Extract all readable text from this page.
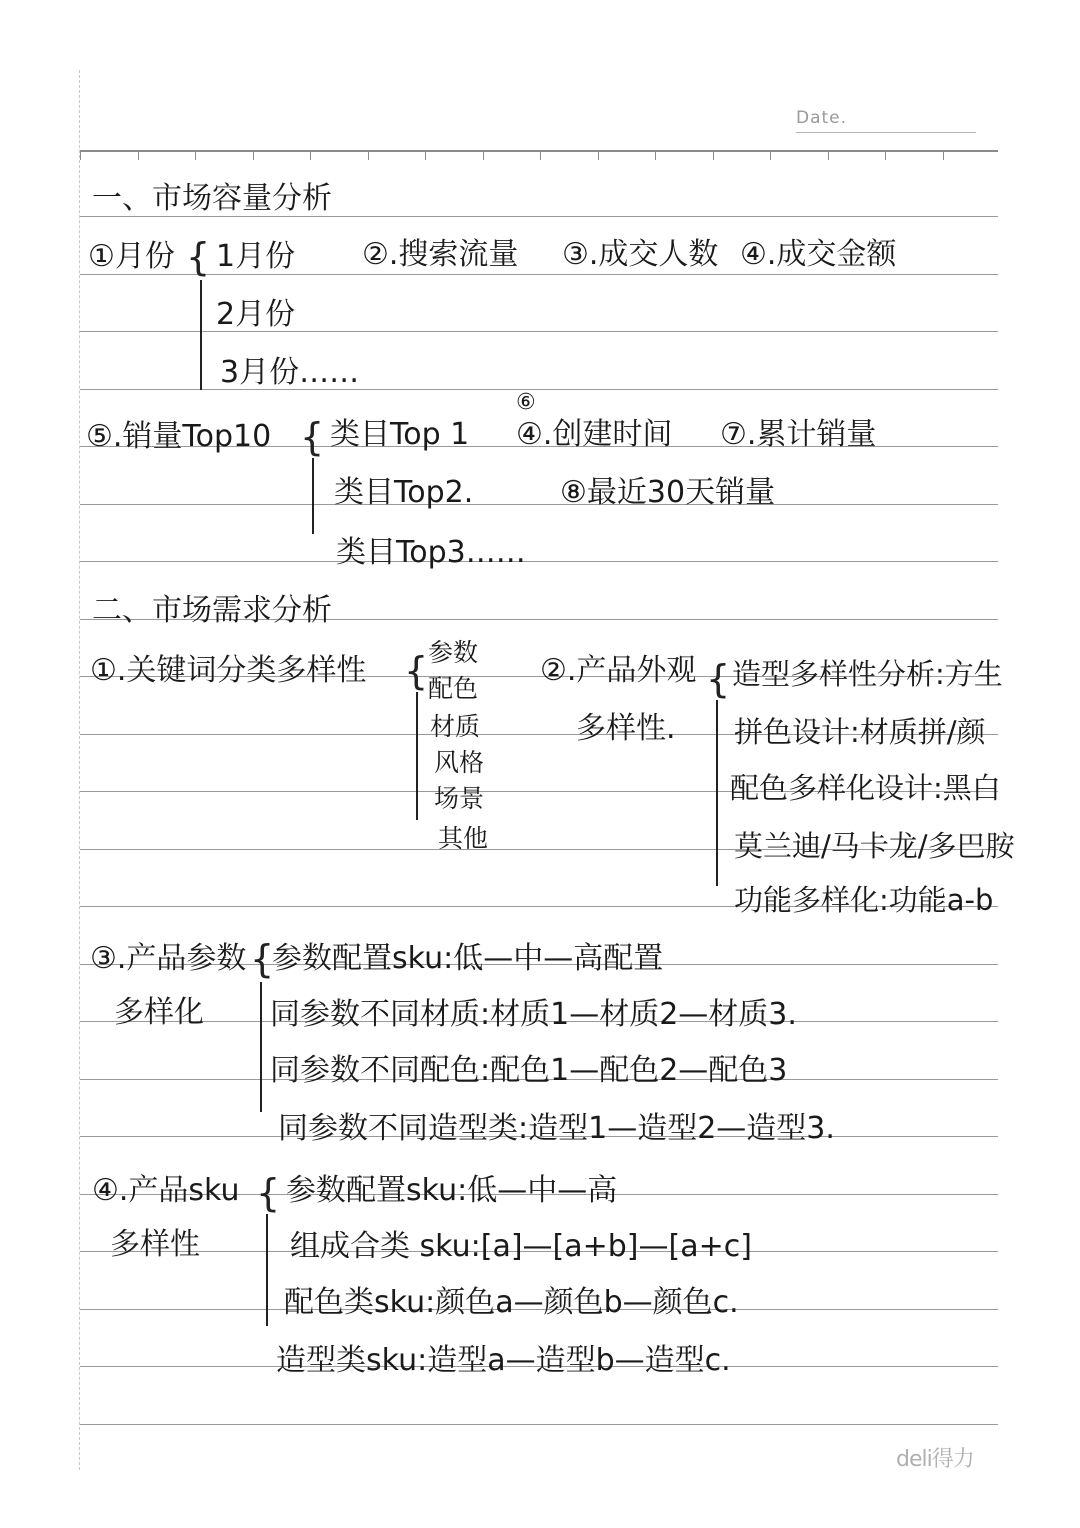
Date.
一、市场容量分析
①月份 { 1月份
2月份
3月份……
②.搜索流量 ③.成交人数 ④.成交金额
⑤.销量Top10 { 类目Top 1
类目Top2.
类目Top3……
⑥
④.创建时间 ⑦.累计销量
⑧最近30天销量
二、市场需求分析
①.关键词分类多样性 { 参数
配色
材质
风格
场景
其他
②.产品外观
多样性.
{ 造型多样性分析:方生
拼色设计:材质拼/颜
配色多样化设计:黑白
莫兰迪/马卡龙/多巴胺
功能多样化:功能a-b
③.产品参数
多样化
{
参数配置sku:低—中—高配置
同参数不同材质:材质1—材质2—材质3.
同参数不同配色:配色1—配色2—配色3
同参数不同造型类:造型1—造型2—造型3.
④.产品sku
多样性
{ 参数配置sku:低—中—高
组成合类 sku:[a]—[a+b]—[a+c]
配色类sku:颜色a—颜色b—颜色c.
造型类sku:造型a—造型b—造型c.
deli得力
